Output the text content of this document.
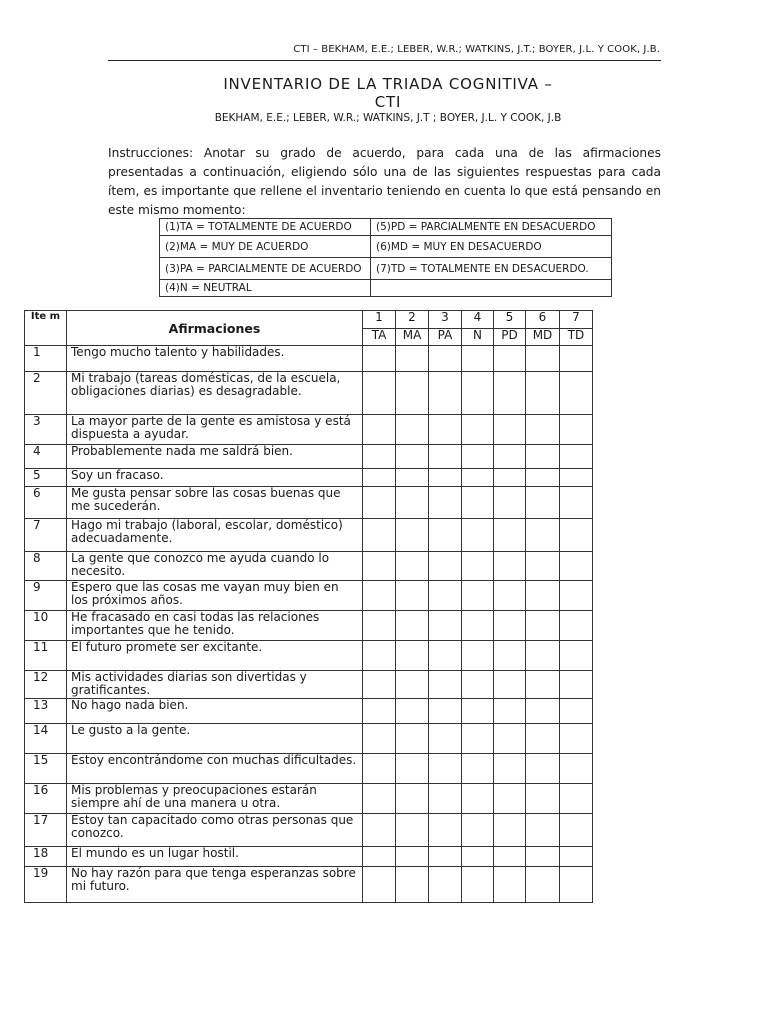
CTI – BEKHAM, E.E.; LEBER, W.R.; WATKINS, J.T.; BOYER, J.L. Y COOK, J.B.
INVENTARIO DE LA TRIADA COGNITIVA –
CTI
BEKHAM, E.E.; LEBER, W.R.; WATKINS, J.T ; BOYER, J.L. Y COOK, J.B
Instrucciones: Anotar su grado de acuerdo, para cada una de las afirmaciones presentadas a continuación, eligiendo sólo una de las siguientes respuestas para cada ítem, es importante que rellene el inventario teniendo en cuenta lo que está pensando en este mismo momento:
(1)TA = TOTALMENTE DE ACUERDO	(5)PD = PARCIALMENTE EN DESACUERDO
(2)MA = MUY DE ACUERDO	(6)MD = MUY EN DESACUERDO
(3)PA = PARCIALMENTE DE ACUERDO	(7)TD = TOTALMENTE EN DESACUERDO.
(4)N = NEUTRAL	
Íte m	Afirmaciones	1	2	3	4	5	6	7
		TA	MA	PA	N	PD	MD	TD
1	Tengo mucho talento y habilidades.							
2	Mi trabajo (tareas domésticas, de la escuela, obligaciones diarias) es desagradable.							
3	La mayor parte de la gente es amistosa y está dispuesta a ayudar.							
4	Probablemente nada me saldrá bien.							
5	Soy un fracaso.							
6	Me gusta pensar sobre las cosas buenas que me sucederán.							
7	Hago mi trabajo (laboral, escolar, doméstico) adecuadamente.							
8	La gente que conozco me ayuda cuando lo necesito.							
9	Espero que las cosas me vayan muy bien en los próximos años.							
10	He fracasado en casi todas las relaciones importantes que he tenido.							
11	El futuro promete ser excitante.							
12	Mis actividades diarias son divertidas y gratificantes.							
13	No hago nada bien.							
14	Le gusto a la gente.							
15	Estoy encontrándome con muchas dificultades.							
16	Mis problemas y preocupaciones estarán siempre ahí de una manera u otra.							
17	Estoy tan capacitado como otras personas que conozco.							
18	El mundo es un lugar hostil.							
19	No hay razón para que tenga esperanzas sobre mi futuro.							
